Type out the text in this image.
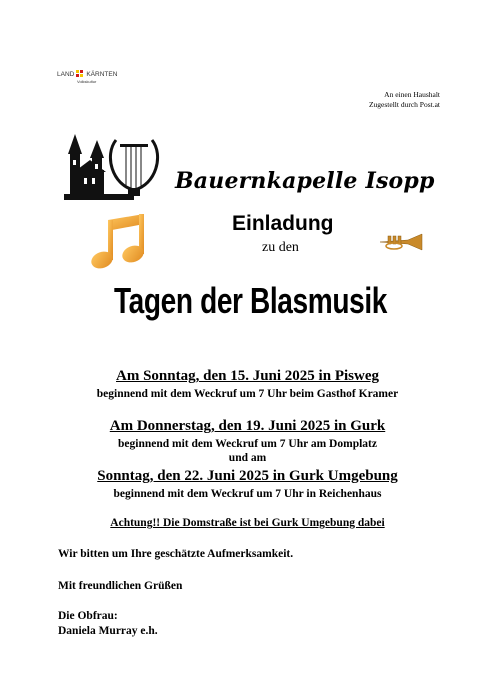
LAND KÄRNTEN
Volkskultur
An einen Haushalt
Zugestellt durch Post.at
Bauernkapelle Isopp
Einladung
zu den
Tagen der Blasmusik
Am Sonntag, den 15. Juni 2025 in Pisweg
beginnend mit dem Weckruf um 7 Uhr beim Gasthof Kramer
Am Donnerstag, den 19. Juni 2025 in Gurk
beginnend mit dem Weckruf um 7 Uhr am Domplatz
und am
Sonntag, den 22. Juni 2025 in Gurk Umgebung
beginnend mit dem Weckruf um 7 Uhr in Reichenhaus
Achtung!! Die Domstraße ist bei Gurk Umgebung dabei
Wir bitten um Ihre geschätzte Aufmerksamkeit.
Mit freundlichen Grüßen
Die Obfrau:
Daniela Murray e.h.
